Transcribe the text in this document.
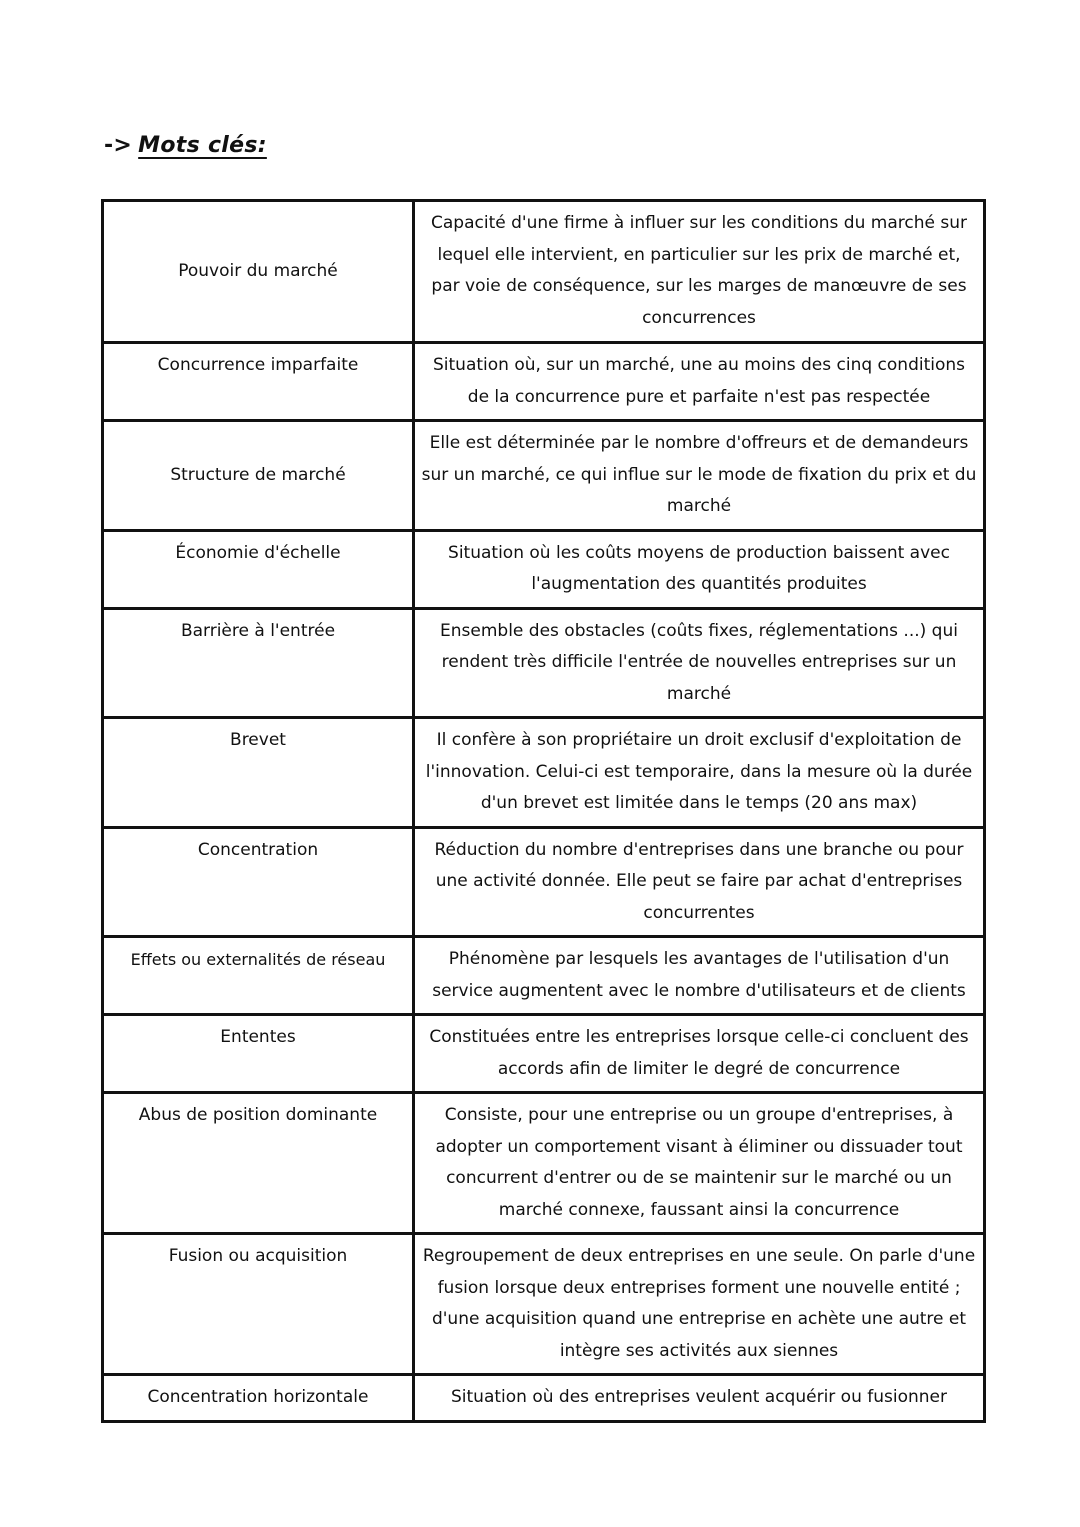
-> Mots clés:
Pouvoir du marché	Capacité d'une firme à influer sur les conditions du marché sur lequel elle intervient, en particulier sur les prix de marché et, par voie de conséquence, sur les marges de manœuvre de ses concurrences
Concurrence imparfaite	Situation où, sur un marché, une au moins des cinq conditions de la concurrence pure et parfaite n'est pas respectée
Structure de marché	Elle est déterminée par le nombre d'offreurs et de demandeurs sur un marché, ce qui influe sur le mode de fixation du prix et du marché
Économie d'échelle	Situation où les coûts moyens de production baissent avec l'augmentation des quantités produites
Barrière à l'entrée	Ensemble des obstacles (coûts fixes, réglementations ...) qui rendent très difficile l'entrée de nouvelles entreprises sur un marché
Brevet	Il confère à son propriétaire un droit exclusif d'exploitation de l'innovation. Celui-ci est temporaire, dans la mesure où la durée d'un brevet est limitée dans le temps (20 ans max)
Concentration	Réduction du nombre d'entreprises dans une branche ou pour une activité donnée. Elle peut se faire par achat d'entreprises concurrentes
Effets ou externalités de réseau	Phénomène par lesquels les avantages de l'utilisation d'un service augmentent avec le nombre d'utilisateurs et de clients
Ententes	Constituées entre les entreprises lorsque celle-ci concluent des accords afin de limiter le degré de concurrence
Abus de position dominante	Consiste, pour une entreprise ou un groupe d'entreprises, à adopter un comportement visant à éliminer ou dissuader tout concurrent d'entrer ou de se maintenir sur le marché ou un marché connexe, faussant ainsi la concurrence
Fusion ou acquisition	Regroupement de deux entreprises en une seule. On parle d'une fusion lorsque deux entreprises forment une nouvelle entité ; d'une acquisition quand une entreprise en achète une autre et intègre ses activités aux siennes
Concentration horizontale	Situation où des entreprises veulent acquérir ou fusionner
